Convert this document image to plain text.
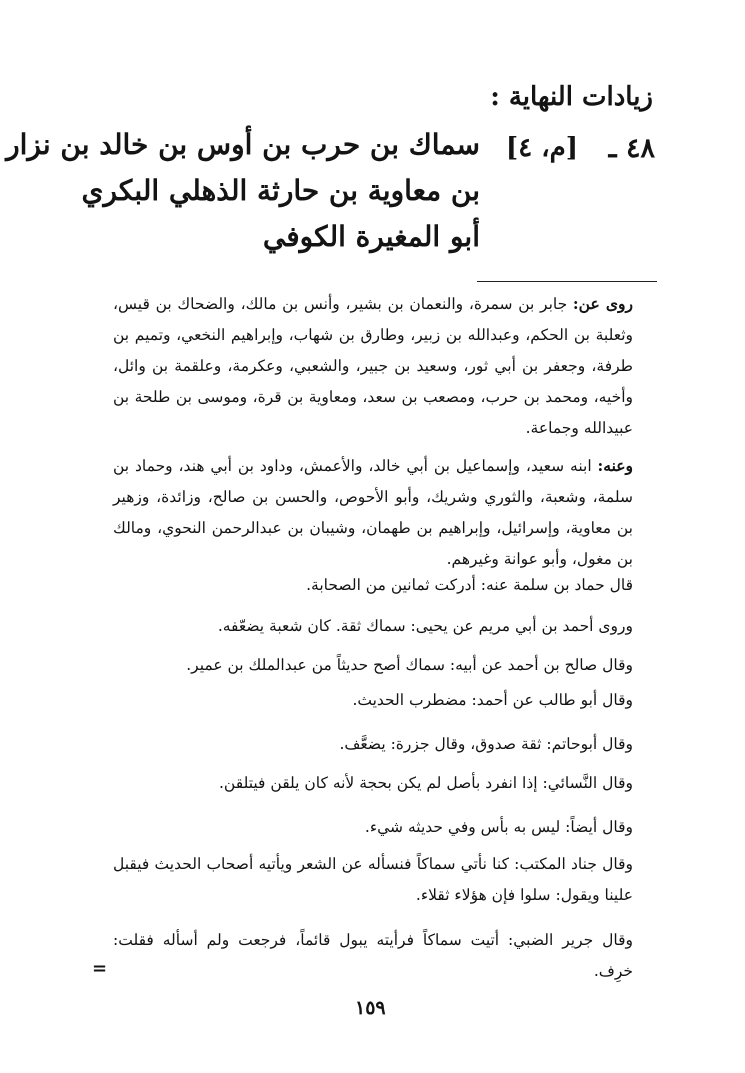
زيادات النهاية :
٤٨ ـ
[م، ٤]
سماك بن حرب بن أوس بن خالد بن نزار
بن معاوية بن حارثة الذهلي البكري
أبو المغيرة الكوفي
روى عن: جابر بن سمرة، والنعمان بن بشير، وأنس بن مالك، والضحاك بن قيس، وثعلبة بن الحكم، وعبدالله بن زبير، وطارق بن شهاب، وإبراهيم النخعي، وتميم بن طرفة، وجعفر بن أبي ثور، وسعيد بن جبير، والشعبي، وعكرمة، وعلقمة بن وائل، وأخيه، ومحمد بن حرب، ومصعب بن سعد، ومعاوية بن قرة، وموسى بن طلحة بن عبيدالله وجماعة.
وعنه: ابنه سعيد، وإسماعيل بن أبي خالد، والأعمش، وداود بن أبي هند، وحماد بن سلمة، وشعبة، والثوري وشريك، وأبو الأحوص، والحسن بن صالح، وزائدة، وزهير بن معاوية، وإسرائيل، وإبراهيم بن طهمان، وشيبان بن عبدالرحمن النحوي، ومالك بن مغول، وأبو عوانة وغيرهم.
قال حماد بن سلمة عنه: أدركت ثمانين من الصحابة.
وروى أحمد بن أبي مريم عن يحيى: سماك ثقة. كان شعبة يضعّفه.
وقال صالح بن أحمد عن أبيه: سماك أصح حديثاً من عبدالملك بن عمير.
وقال أبو طالب عن أحمد: مضطرب الحديث.
وقال أبوحاتم: ثقة صدوق، وقال جزرة: يضعَّف.
وقال النَّسائي: إذا انفرد بأصل لم يكن بحجة لأنه كان يلقن فيتلقن.
وقال أيضاً: ليس به بأس وفي حديثه شيء.
وقال جناد المكتب: كنا نأتي سماكاً فنسأله عن الشعر ويأتيه أصحاب الحديث فيقبل علينا ويقول: سلوا فإن هؤلاء ثقلاء.
وقال جرير الضبي: أتيت سماكاً فرأيته يبول قائماً، فرجعت ولم أسأله فقلت: خرِف.
=
١٥٩
